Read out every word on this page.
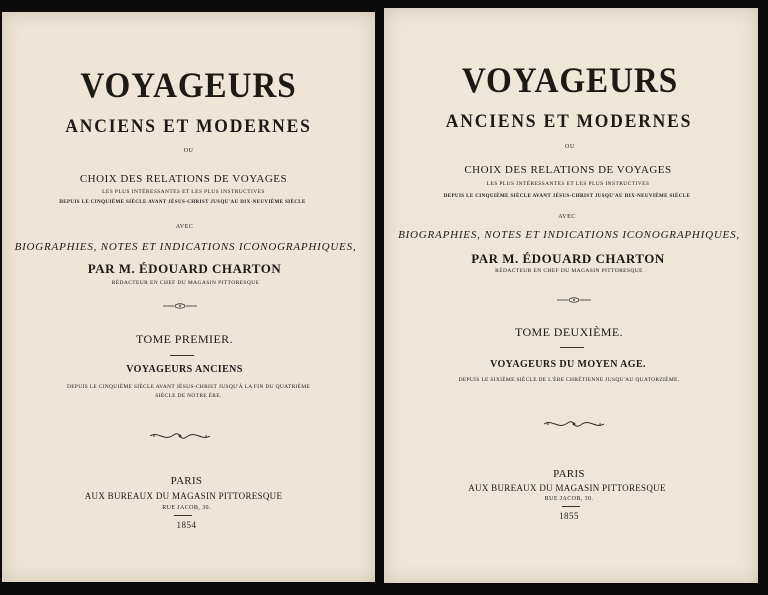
VOYAGEURS
ANCIENS ET MODERNES
OU
CHOIX DES RELATIONS DE VOYAGES
LES PLUS INTÉRESSANTES ET LES PLUS INSTRUCTIVES
DEPUIS LE CINQUIÈME SIÈCLE AVANT JÉSUS-CHRIST JUSQU'AU DIX-NEUVIÈME SIÈCLE
AVEC
BIOGRAPHIES, NOTES ET INDICATIONS ICONOGRAPHIQUES,
PAR M. ÉDOUARD CHARTON
RÉDACTEUR EN CHEF DU MAGASIN PITTORESQUE
TOME PREMIER.
VOYAGEURS ANCIENS
DEPUIS LE CINQUIÈME SIÈCLE AVANT JÉSUS-CHRIST JUSQU'À LA FIN DU QUATRIÈME
SIÈCLE DE NOTRE ÈRE.
PARIS
AUX BUREAUX DU MAGASIN PITTORESQUE
RUE JACOB, 30.
1854
VOYAGEURS
ANCIENS ET MODERNES
OU
CHOIX DES RELATIONS DE VOYAGES
LES PLUS INTÉRESSANTES ET LES PLUS INSTRUCTIVES
DEPUIS LE CINQUIÈME SIÈCLE AVANT JÉSUS-CHRIST JUSQU'AU DIX-NEUVIÈME SIÈCLE
AVEC
BIOGRAPHIES, NOTES ET INDICATIONS ICONOGRAPHIQUES,
PAR M. ÉDOUARD CHARTON
RÉDACTEUR EN CHEF DU MAGASIN PITTORESQUE
TOME DEUXIÈME.
VOYAGEURS DU MOYEN AGE.
DEPUIS LE SIXIÈME SIÈCLE DE L'ÈRE CHRÉTIENNE JUSQU'AU QUATORZIÈME.
PARIS
AUX BUREAUX DU MAGASIN PITTORESQUE
RUE JACOB, 30.
1855
